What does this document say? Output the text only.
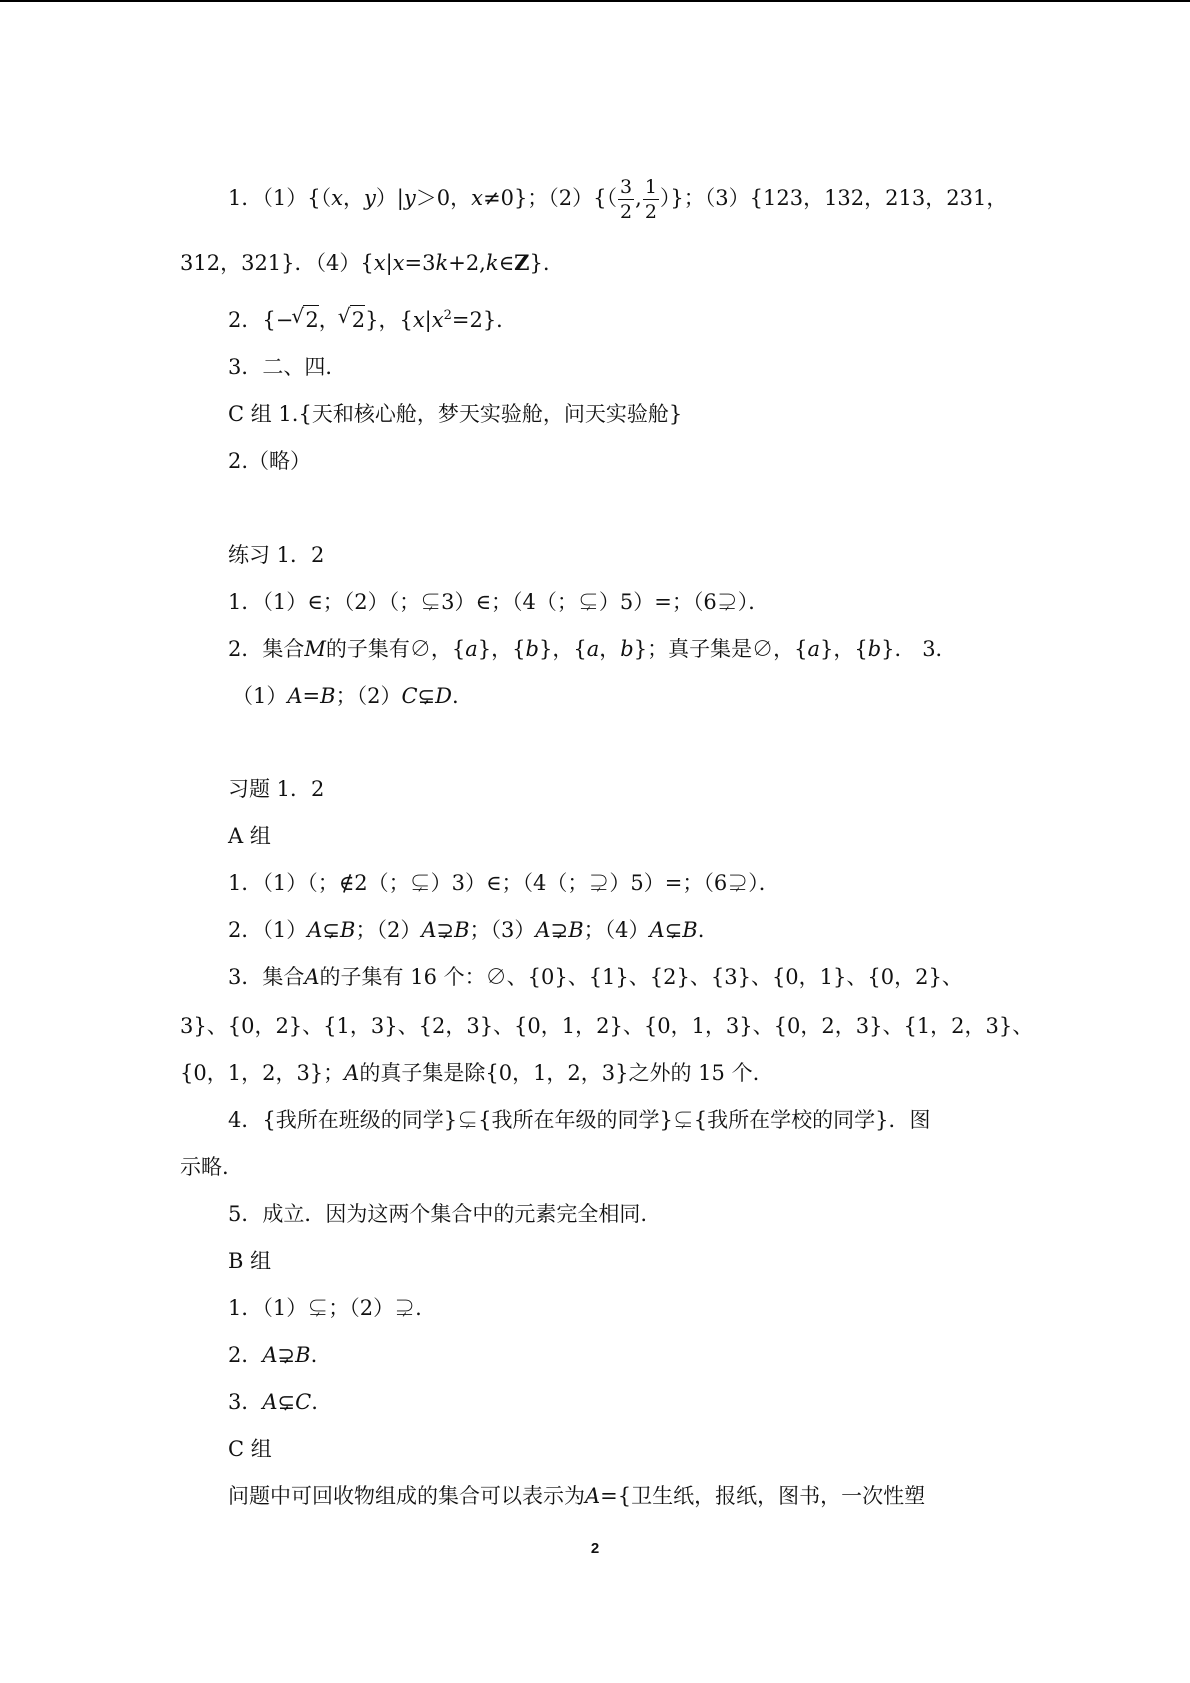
1．（1）{（x，y）|y＞0，x≠0}；$(2)\{( \frac{3}{2}$ , $\frac{1}{2}$ ）}；（3）{123，132，213，231，
312，321}．（4）{x|x=3k+2,k∈Z}.
2．{− √ 2， √ 2}，$\{x|x^2=2\}$．
3．二、四．
C 组 1.{天和核心舱，梦天实验舱，问天实验舱}
2.（略）
练习 1．2
1．（1）∈；（2）（；⊊3）∈；（4（；⊊）5）=；（6⊋）．
2．集合M的子集有∅，{a}，{b}，{a，b}；真子集是∅，{a}，{b}． 3．
（1）A=B；（2）C⊊D.
习题 1．2
A 组
1．（1）（；∉2（；⊊）3）∈；（4（；⊋）5）=；（6⊋）．
2．（1）A⊊B；（2）A⊋B；（3）A⊋B；（4）A⊊B.
3．集合A的子集有 16 个：∅、{0}、{1}、{2}、{3}、{0，1}、{0，2}、
3}、{0，2}、{1，3}、{2，3}、{0，1，2}、{0，1，3}、{0，2，3}、{1，2，3}、
{0，1，2，3}；A的真子集是除{0，1，2，3}之外的 15 个.
4．{我所在班级的同学}⊊{我所在年级的同学}⊊{我所在学校的同学}．图
示略.
5．成立．因为这两个集合中的元素完全相同.
B 组
1．（1）⊊；（2）⊋.
2．A⊋B.
3．A⊊C.
C 组
问题中可回收物组成的集合可以表示为A={卫生纸，报纸，图书，一次性塑
2
